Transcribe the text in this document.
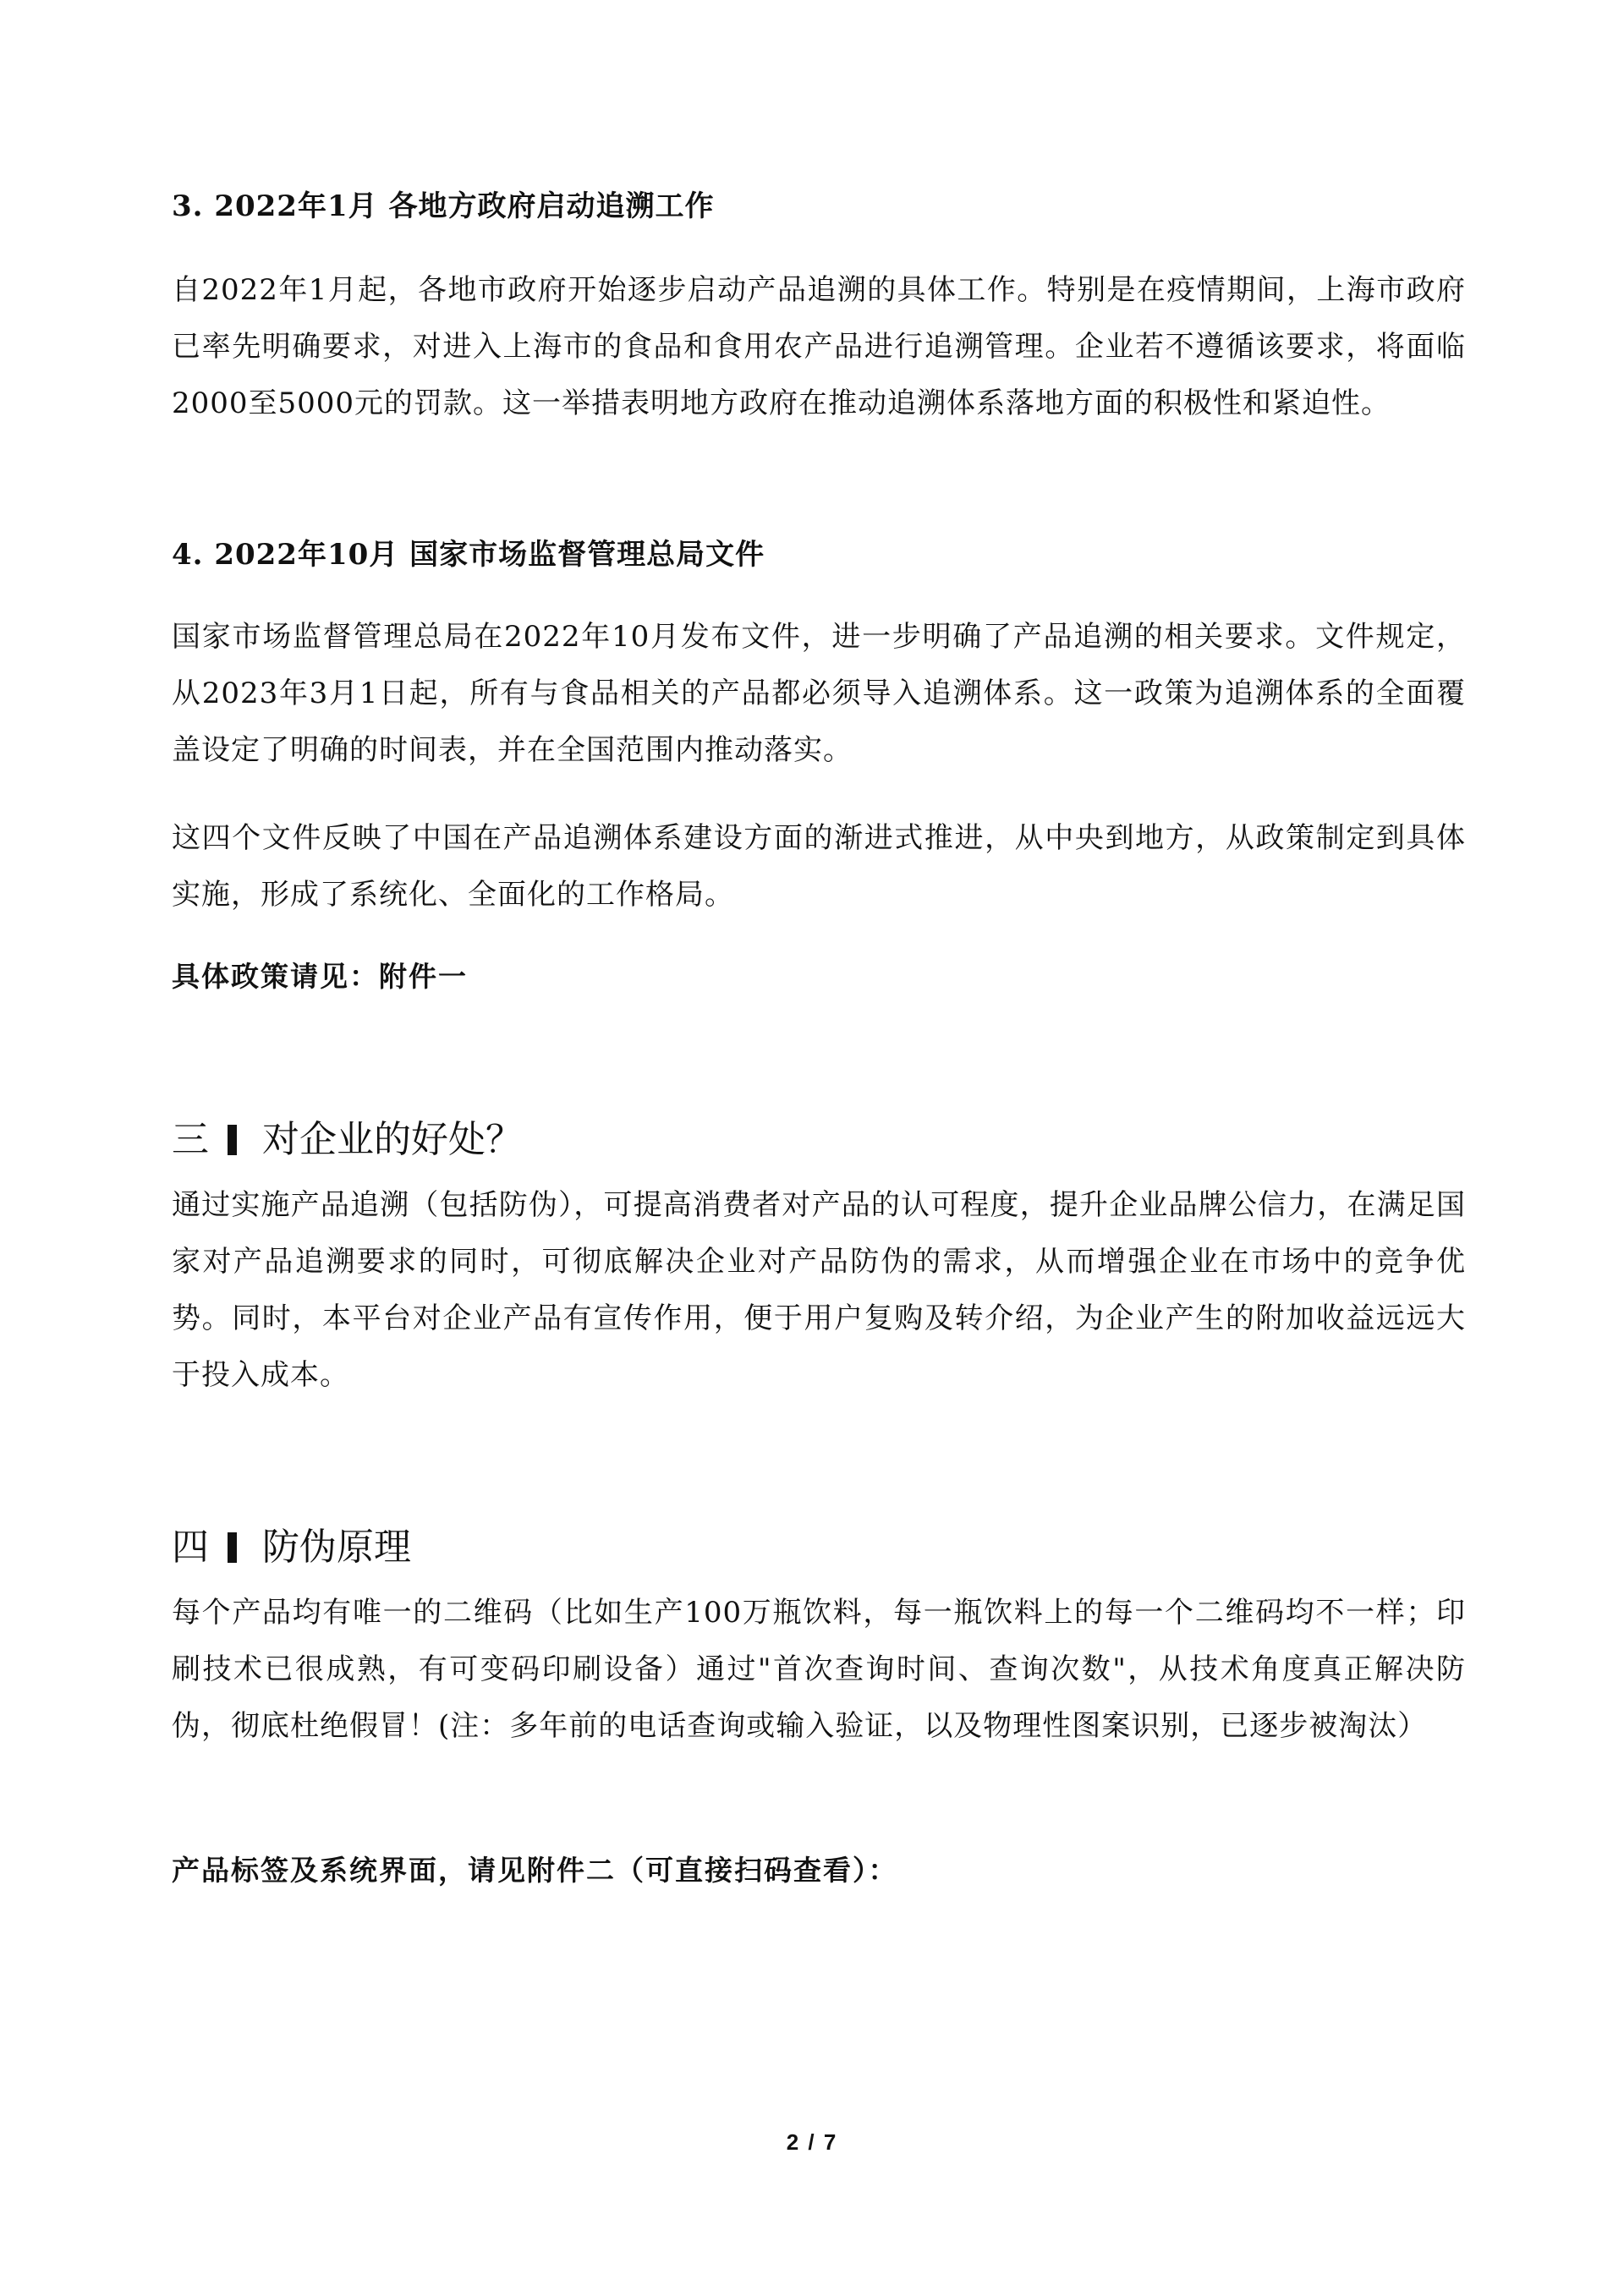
3. 2022年1月 各地方政府启动追溯工作
自2022年1月起，各地市政府开始逐步启动产品追溯的具体工作。特别是在疫情期间，上海市政府已率先明确要求，对进入上海市的食品和食用农产品进行追溯管理。企业若不遵循该要求，将面临2000至5000元的罚款。这一举措表明地方政府在推动追溯体系落地方面的积极性和紧迫性。
4. 2022年10月 国家市场监督管理总局文件
国家市场监督管理总局在2022年10月发布文件，进一步明确了产品追溯的相关要求。文件规定，从2023年3月1日起，所有与食品相关的产品都必须导入追溯体系。这一政策为追溯体系的全面覆盖设定了明确的时间表，并在全国范围内推动落实。
这四个文件反映了中国在产品追溯体系建设方面的渐进式推进，从中央到地方，从政策制定到具体实施，形成了系统化、全面化的工作格局。
具体政策请见：附件一
三 对企业的好处？
通过实施产品追溯（包括防伪），可提高消费者对产品的认可程度，提升企业品牌公信力，在满足国家对产品追溯要求的同时，可彻底解决企业对产品防伪的需求，从而增强企业在市场中的竞争优势。同时，本平台对企业产品有宣传作用，便于用户复购及转介绍，为企业产生的附加收益远远大于投入成本。
四 防伪原理
每个产品均有唯一的二维码（比如生产100万瓶饮料，每一瓶饮料上的每一个二维码均不一样；印刷技术已很成熟，有可变码印刷设备）通过"首次查询时间、查询次数"，从技术角度真正解决防伪，彻底杜绝假冒！(注：多年前的电话查询或输入验证，以及物理性图案识别，已逐步被淘汰）
产品标签及系统界面，请见附件二（可直接扫码查看）：
2 / 7
